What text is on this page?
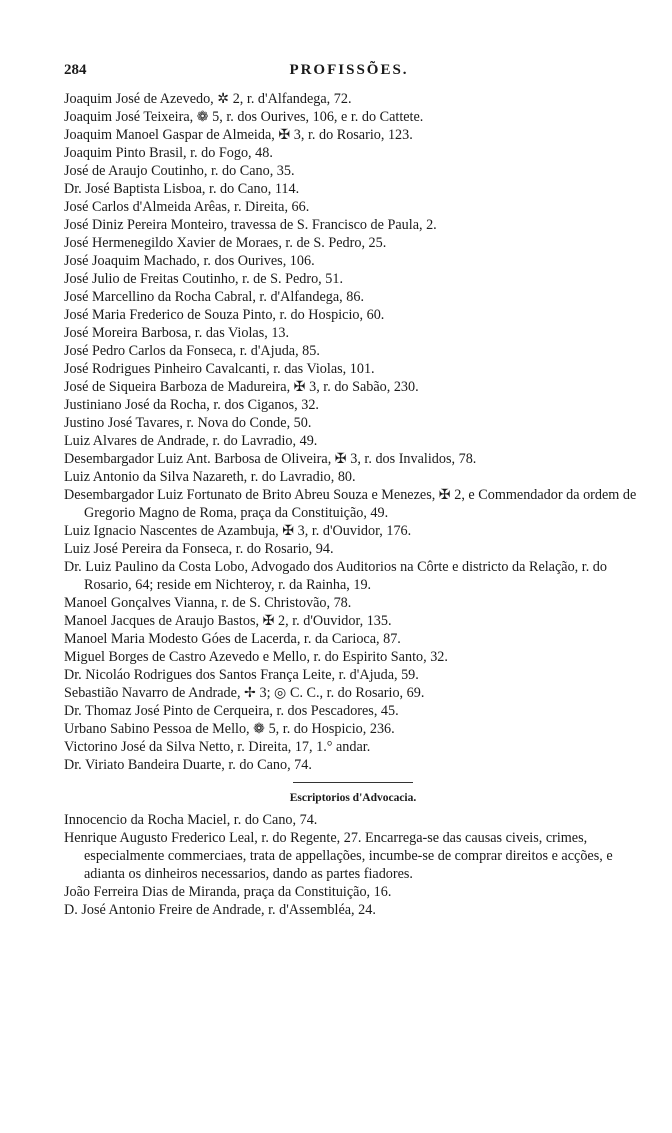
284	PROFISSÕES.

Joaquim José de Azevedo, ✲ 2, r. d'Alfandega, 72.

Joaquim José Teixeira, ❁ 5, r. dos Ourives, 106, e r. do Cattete.

Joaquim Manoel Gaspar de Almeida, ✠ 3, r. do Rosario, 123.

Joaquim Pinto Brasil, r. do Fogo, 48.

José de Araujo Coutinho, r. do Cano, 35.

Dr. José Baptista Lisboa, r. do Cano, 114.

José Carlos d'Almeida Arêas, r. Direita, 66.

José Diniz Pereira Monteiro, travessa de S. Francisco de Paula, 2.

José Hermenegildo Xavier de Moraes, r. de S. Pedro, 25.

José Joaquim Machado, r. dos Ourives, 106.

José Julio de Freitas Coutinho, r. de S. Pedro, 51.

José Marcellino da Rocha Cabral, r. d'Alfandega, 86.

José Maria Frederico de Souza Pinto, r. do Hospicio, 60.

José Moreira Barbosa, r. das Violas, 13.

José Pedro Carlos da Fonseca, r. d'Ajuda, 85.

José Rodrigues Pinheiro Cavalcanti, r. das Violas, 101.

José de Siqueira Barboza de Madureira, ✠ 3, r. do Sabão, 230.

Justiniano José da Rocha, r. dos Ciganos, 32.

Justino José Tavares, r. Nova do Conde, 50.

Luiz Alvares de Andrade, r. do Lavradio, 49.

Desembargador Luiz Ant. Barbosa de Oliveira, ✠ 3, r. dos Invalidos, 78.

Luiz Antonio da Silva Nazareth, r. do Lavradio, 80.

Desembargador Luiz Fortunato de Brito Abreu Souza e Menezes, ✠ 2, e Commendador da ordem de Gregorio Magno de Roma, praça da Constituição, 49.

Luiz Ignacio Nascentes de Azambuja, ✠ 3, r. d'Ouvidor, 176.

Luiz José Pereira da Fonseca, r. do Rosario, 94.

Dr. Luiz Paulino da Costa Lobo, Advogado dos Auditorios na Côrte e districto da Relação, r. do Rosario, 64; reside em Nichteroy, r. da Rainha, 19.

Manoel Gonçalves Vianna, r. de S. Christovão, 78.

Manoel Jacques de Araujo Bastos, ✠ 2, r. d'Ouvidor, 135.

Manoel Maria Modesto Góes de Lacerda, r. da Carioca, 87.

Miguel Borges de Castro Azevedo e Mello, r. do Espirito Santo, 32.

Dr. Nicoláo Rodrigues dos Santos França Leite, r. d'Ajuda, 59.

Sebastião Navarro de Andrade, ✢ 3; ◎ C. C., r. do Rosario, 69.

Dr. Thomaz José Pinto de Cerqueira, r. dos Pescadores, 45.

Urbano Sabino Pessoa de Mello, ❁ 5, r. do Hospicio, 236.

Victorino José da Silva Netto, r. Direita, 17, 1.° andar.

Dr. Viriato Bandeira Duarte, r. do Cano, 74.

Escriptorios d'Advocacia.

Innocencio da Rocha Maciel, r. do Cano, 74.

Henrique Augusto Frederico Leal, r. do Regente, 27. Encarrega-se das causas civeis, crimes, especialmente commerciaes, trata de appellações, incumbe-se de comprar direitos e acções, e adianta os dinheiros necessarios, dando as partes fiadores.

João Ferreira Dias de Miranda, praça da Constituição, 16.

D. José Antonio Freire de Andrade, r. d'Assembléa, 24.
